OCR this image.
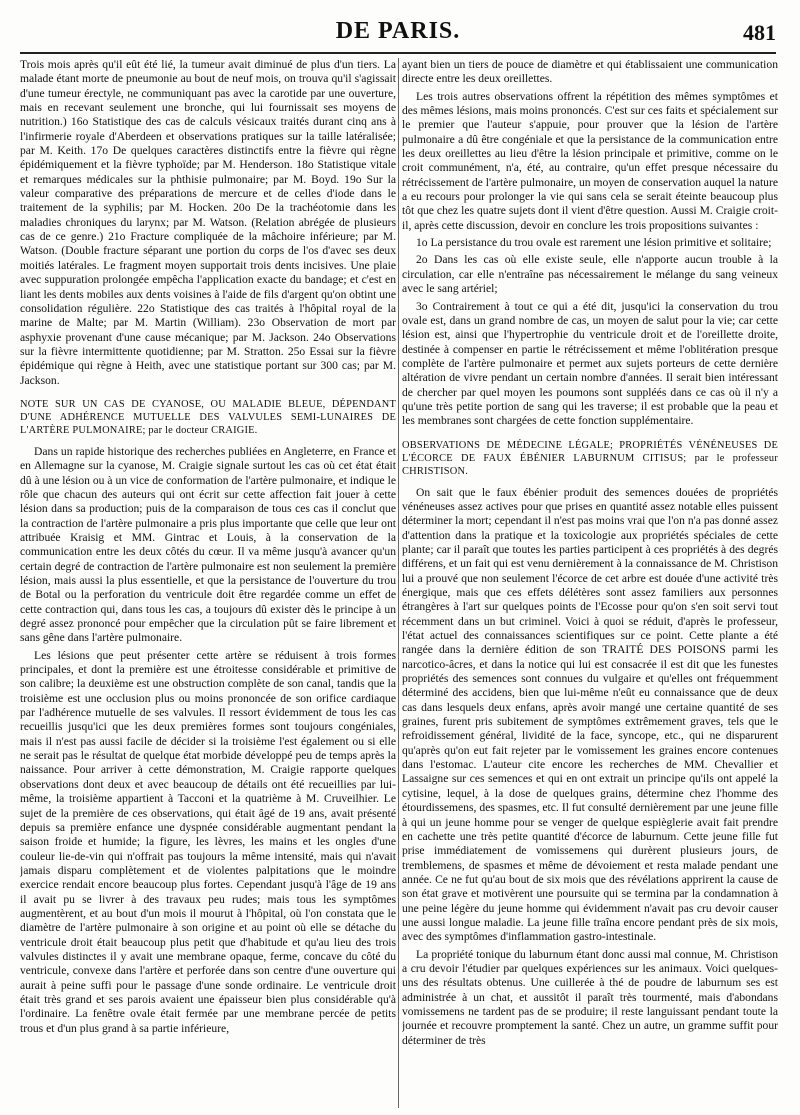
DE PARIS.	481

Trois mois après qu'il eût été lié, la tumeur avait diminué de plus d'un tiers. La malade étant morte de pneumonie au bout de neuf mois, on trouva qu'il s'agissait d'une tumeur érectyle, ne communiquant pas avec la carotide par une ouverture, mais en recevant seulement une bronche, qui lui fournissait ses moyens de nutrition.) 16o Statistique des cas de calculs vésicaux traités durant cinq ans à l'infirmerie royale d'Aberdeen et observations pratiques sur la taille latéralisée; par M. Keith. 17o De quelques caractères distinctifs entre la fièvre qui règne épidémiquement et la fièvre typhoïde; par M. Henderson. 18o Statistique vitale et remarques médicales sur la phthisie pulmonaire; par M. Boyd. 19o Sur la valeur comparative des préparations de mercure et de celles d'iode dans le traitement de la syphilis; par M. Hocken. 20o De la trachéotomie dans les maladies chroniques du larynx; par M. Watson. (Relation abrégée de plusieurs cas de ce genre.) 21o Fracture compliquée de la mâchoire inférieure; par M. Watson. (Double fracture séparant une portion du corps de l'os d'avec ses deux moitiés latérales. Le fragment moyen supportait trois dents incisives. Une plaie avec suppuration prolongée empêcha l'application exacte du bandage; et c'est en liant les dents mobiles aux dents voisines à l'aide de fils d'argent qu'on obtint une consolidation régulière. 22o Statistique des cas traités à l'hôpital royal de la marine de Malte; par M. Martin (William). 23o Observation de mort par asphyxie provenant d'une cause mécanique; par M. Jackson. 24o Observations sur la fièvre intermittente quotidienne; par M. Stratton. 25o Essai sur la fièvre épidémique qui règne à Heith, avec une statistique portant sur 300 cas; par M. Jackson.

NOTE SUR UN CAS DE CYANOSE, OU MALADIE BLEUE, DÉPENDANT D'UNE ADHÉRENCE MUTUELLE DES VALVULES SEMI-LUNAIRES DE L'ARTÈRE PULMONAIRE; par le docteur CRAIGIE.

Dans un rapide historique des recherches publiées en Angleterre, en France et en Allemagne sur la cyanose, M. Craigie signale surtout les cas où cet état était dû à une lésion ou à un vice de conformation de l'artère pulmonaire, et indique le rôle que chacun des auteurs qui ont écrit sur cette affection fait jouer à cette lésion dans sa production; puis de la comparaison de tous ces cas il conclut que la contraction de l'artère pulmonaire a pris plus importante que celle que leur ont attribuée Kraisig et MM. Gintrac et Louis, à la conservation de la communication entre les deux côtés du cœur. Il va même jusqu'à avancer qu'un certain degré de contraction de l'artère pulmonaire est non seulement la première lésion, mais aussi la plus essentielle, et que la persistance de l'ouverture du trou de Botal ou la perforation du ventricule doit être regardée comme un effet de cette contraction qui, dans tous les cas, a toujours dû exister dès le principe à un degré assez prononcé pour empêcher que la circulation pût se faire librement et sans gêne dans l'artère pulmonaire.

Les lésions que peut présenter cette artère se réduisent à trois formes principales, et dont la première est une étroitesse considérable et primitive de son calibre; la deuxième est une obstruction complète de son canal, tandis que la troisième est une occlusion plus ou moins prononcée de son orifice cardiaque par l'adhérence mutuelle de ses valvules. Il ressort évidemment de tous les cas recueillis jusqu'ici que les deux premières formes sont toujours congéniales, mais il n'est pas aussi facile de décider si la troisième l'est également ou si elle ne serait pas le résultat de quelque état morbide développé peu de temps après la naissance. Pour arriver à cette démonstration, M. Craigie rapporte quelques observations dont deux et avec beaucoup de détails ont été recueillies par lui-même, la troisième appartient à Tacconi et la quatrième à M. Cruveilhier. Le sujet de la première de ces observations, qui était âgé de 19 ans, avait présenté depuis sa première enfance une dyspnée considérable augmentant pendant la saison froide et humide; la figure, les lèvres, les mains et les ongles d'une couleur lie-de-vin qui n'offrait pas toujours la même intensité, mais qui n'avait jamais disparu complètement et de violentes palpitations que le moindre exercice rendait encore beaucoup plus fortes. Cependant jusqu'à l'âge de 19 ans il avait pu se livrer à des travaux peu rudes; mais tous les symptômes augmentèrent, et au bout d'un mois il mourut à l'hôpital, où l'on constata que le diamètre de l'artère pulmonaire à son origine et au point où elle se détache du ventricule droit était beaucoup plus petit que d'habitude et qu'au lieu des trois valvules distinctes il y avait une membrane opaque, ferme, concave du côté du ventricule, convexe dans l'artère et perforée dans son centre d'une ouverture qui aurait à peine suffi pour le passage d'une sonde ordinaire. Le ventricule droit était très grand et ses parois avaient une épaisseur bien plus considérable qu'à l'ordinaire. La fenêtre ovale était fermée par une membrane percée de petits trous et d'un plus grand à sa partie inférieure,

ayant bien un tiers de pouce de diamètre et qui établissaient une communication directe entre les deux oreillettes.

Les trois autres observations offrent la répétition des mêmes symptômes et des mêmes lésions, mais moins prononcés. C'est sur ces faits et spécialement sur le premier que l'auteur s'appuie, pour prouver que la lésion de l'artère pulmonaire a dû être congéniale et que la persistance de la communication entre les deux oreillettes au lieu d'être la lésion principale et primitive, comme on le croit communément, n'a, été, au contraire, qu'un effet presque nécessaire du rétrécissement de l'artère pulmonaire, un moyen de conservation auquel la nature a eu recours pour prolonger la vie qui sans cela se serait éteinte beaucoup plus tôt que chez les quatre sujets dont il vient d'être question. Aussi M. Craigie croit-il, après cette discussion, devoir en conclure les trois propositions suivantes :

1o La persistance du trou ovale est rarement une lésion primitive et solitaire;

2o Dans les cas où elle existe seule, elle n'apporte aucun trouble à la circulation, car elle n'entraîne pas nécessairement le mélange du sang veineux avec le sang artériel;

3o Contrairement à tout ce qui a été dit, jusqu'ici la conservation du trou ovale est, dans un grand nombre de cas, un moyen de salut pour la vie; car cette lésion est, ainsi que l'hypertrophie du ventricule droit et de l'oreillette droite, destinée à compenser en partie le rétrécissement et même l'oblitération presque complète de l'artère pulmonaire et permet aux sujets porteurs de cette dernière altération de vivre pendant un certain nombre d'années. Il serait bien intéressant de chercher par quel moyen les poumons sont suppléés dans ce cas où il n'y a qu'une très petite portion de sang qui les traverse; il est probable que la peau et les membranes sont chargées de cette fonction supplémentaire.

OBSERVATIONS DE MÉDECINE LÉGALE; PROPRIÉTÉS VÉNÉNEUSES DE L'ÉCORCE DE FAUX ÉBÉNIER LABURNUM CITISUS; par le professeur CHRISTISON.

On sait que le faux ébénier produit des semences douées de propriétés vénéneuses assez actives pour que prises en quantité assez notable elles puissent déterminer la mort; cependant il n'est pas moins vrai que l'on n'a pas donné assez d'attention dans la pratique et la toxicologie aux propriétés spéciales de cette plante; car il paraît que toutes les parties participent à ces propriétés à des degrés différens, et un fait qui est venu dernièrement à la connaissance de M. Christison lui a prouvé que non seulement l'écorce de cet arbre est douée d'une activité très énergique, mais que ces effets délétères sont assez familiers aux personnes étrangères à l'art sur quelques points de l'Ecosse pour qu'on s'en soit servi tout récemment dans un but criminel. Voici à quoi se réduit, d'après le professeur, l'état actuel des connaissances scientifiques sur ce point. Cette plante a été rangée dans la dernière édition de son TRAITÉ DES POISONS parmi les narcotico-âcres, et dans la notice qui lui est consacrée il est dit que les funestes propriétés des semences sont connues du vulgaire et qu'elles ont fréquemment déterminé des accidens, bien que lui-même n'eût eu connaissance que de deux cas dans lesquels deux enfans, après avoir mangé une certaine quantité de ses graines, furent pris subitement de symptômes extrêmement graves, tels que le refroidissement général, lividité de la face, syncope, etc., qui ne disparurent qu'après qu'on eut fait rejeter par le vomissement les graines encore contenues dans l'estomac. L'auteur cite encore les recherches de MM. Chevallier et Lassaigne sur ces semences et qui en ont extrait un principe qu'ils ont appelé la cytisine, lequel, à la dose de quelques grains, détermine chez l'homme des étourdissemens, des spasmes, etc. Il fut consulté dernièrement par une jeune fille à qui un jeune homme pour se venger de quelque espièglerie avait fait prendre en cachette une très petite quantité d'écorce de laburnum. Cette jeune fille fut prise immédiatement de vomissemens qui durèrent plusieurs jours, de tremblemens, de spasmes et même de dévoiement et resta malade pendant une année. Ce ne fut qu'au bout de six mois que des révélations apprirent la cause de son état grave et motivèrent une poursuite qui se termina par la condamnation à une peine légère du jeune homme qui évidemment n'avait pas cru devoir causer une aussi longue maladie. La jeune fille traîna encore pendant près de six mois, avec des symptômes d'inflammation gastro-intestinale.

La propriété tonique du laburnum étant donc aussi mal connue, M. Christison a cru devoir l'étudier par quelques expériences sur les animaux. Voici quelques-uns des résultats obtenus. Une cuillerée à thé de poudre de laburnum ses est administrée à un chat, et aussitôt il paraît très tourmenté, mais d'abondans vomissemens ne tardent pas de se produire; il reste languissant pendant toute la journée et recouvre promptement la santé. Chez un autre, un gramme suffit pour déterminer de très
